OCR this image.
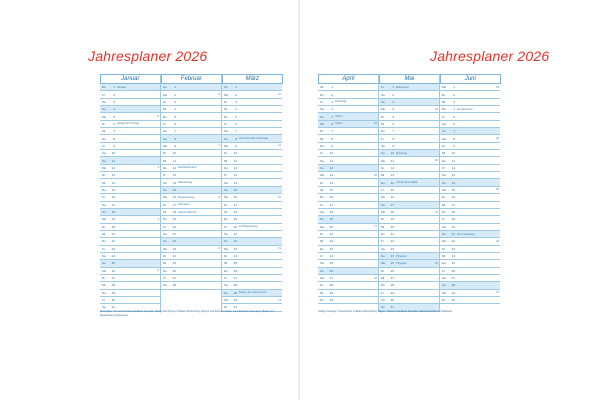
Jahresplaner 2026
Januar
Do	1 Neujahr
Fr	2
Sa	3
So	4
Mo	5	2
Di	6 Heilige Drei Könige
Mi	7
Do	8
Fr	9
Sa	10
So	11
Mo	12	3
Di	13
Mi	14
Do	15
Fr	16
Sa	17
So	18
Mo	19	4
Di	20
Mi	21
Do	22
Fr	23
Sa	24
So	25
Mo	26	5
Di	27
Mi	28
Do	29
Fr	30
Sa	31
Februar
So	1
Mo	2	6
Di	3
Mi	4
Do	5
Fr	6
Sa	7
So	8
Mo	9	7
Di	10
Mi	11
Do	12 Weiberfastnacht
Fr	13
Sa	14 Valentinstag
So	15
Mo	16 Rosenmontag	8
Di	17 Fastnacht
Mi	18 Aschermittwoch
Do	19
Fr	20
Sa	21
So	22
Mo	23	9
Di	24
Mi	25
Do	26
Fr	27
Sa	28
März
So	1
Mo	2	10
Di	3
Mi	4
Do	5
Fr	6
Sa	7
So	8 Internationaler Frauentag
Mo	9	11
Di	10
Mi	11
Do	12
Fr	13
Sa	14
So	15
Mo	16	12
Di	17
Mi	18
Do	19
Fr	20 Frühlingsanfang
Sa	21
So	22
Mo	23	13
Di	24
Mi	25
Do	26
Fr	27
Sa	28
So	29 Beginn der Sommerzeit
Mo	30	14
Di	31
Bewegliche und nicht bundeseinheitliche Feiertage: Heilige Drei Könige in Baden-Württemberg, Bayern und Sachsen-Anhalt. Internationaler Frauentag in Berlin und Mecklenburg-Vorpommern.
Jahresplaner 2026
April
Mi	1
Do	2
Fr	3 Karfreitag
Sa	4
So	5 Ostern
Mo	6 Ostern	15
Di	7
Mi	8
Do	9
Fr	10
Sa	11
So	12
Mo	13	16
Di	14
Mi	15
Do	16
Fr	17
Sa	18
So	19
Mo	20	17
Di	21
Mi	22
Do	23
Fr	24
Sa	25
So	26
Mo	27	18
Di	28
Mi	29
Do	30
Mai
Fr	1 Maifeiertag
Sa	2
So	3
Mo	4	19
Di	5
Mi	6
Do	7
Fr	8
Sa	9
So	10 Muttertag
Mo	11	20
Di	12
Mi	13
Do	14 Christi Himmelfahrt
Fr	15
Sa	16
So	17
Mo	18	21
Di	19
Mi	20
Do	21
Fr	22
Sa	23
So	24 Pfingsten
Mo	25 Pfingsten	22
Di	26
Mi	27
Do	28
Fr	29
Sa	30
So	31
Juni
Mo	1	23
Di	2
Mi	3
Do	4 Fronleichnam
Fr	5
Sa	6
So	7
Mo	8	24
Di	9
Mi	10
Do	11
Fr	12
Sa	13
So	14
Mo	15	25
Di	16
Mi	17
Do	18
Fr	19
Sa	20
So	21 Sommeranfang
Mo	22	26
Di	23
Mi	24
Do	25
Fr	26
Sa	27
So	28
Mo	29	27
Di	30
Gültige Feiertage: Fronleichnam in Baden-Württemberg, Bayern, Hessen, Nordrhein-Westfalen, Rheinland-Pfalz und Saarland.
